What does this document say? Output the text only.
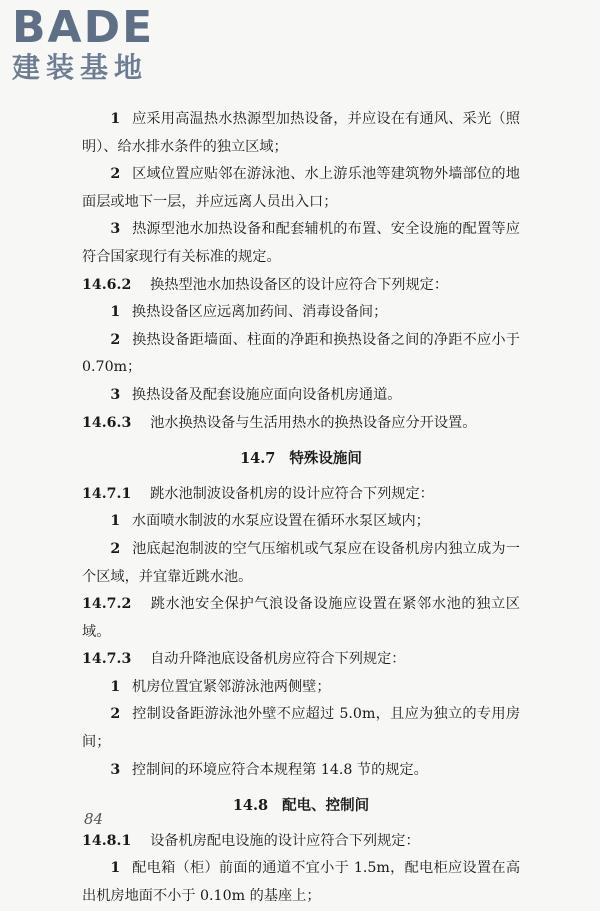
BADE
建装基地
1  应采用高温热水热源型加热设备，并应设在有通风、采光（照明）、给水排水条件的独立区域；
2  区域位置应贴邻在游泳池、水上游乐池等建筑物外墙部位的地面层或地下一层，并应远离人员出入口；
3  热源型池水加热设备和配套辅机的布置、安全设施的配置等应符合国家现行有关标准的规定。
14.6.2  换热型池水加热设备区的设计应符合下列规定：
1  换热设备区应远离加药间、消毒设备间；
2  换热设备距墙面、柱面的净距和换热设备之间的净距不应小于 0.70m；
3  换热设备及配套设施应面向设备机房通道。
14.6.3  池水换热设备与生活用热水的换热设备应分开设置。
14.7 特殊设施间
14.7.1  跳水池制波设备机房的设计应符合下列规定：
1  水面喷水制波的水泵应设置在循环水泵区域内；
2  池底起泡制波的空气压缩机或气泵应在设备机房内独立成为一个区域，并宜靠近跳水池。
14.7.2  跳水池安全保护气浪设备设施应设置在紧邻水池的独立区域。
14.7.3  自动升降池底设备机房应符合下列规定：
1  机房位置宜紧邻游泳池两侧壁；
2  控制设备距游泳池外壁不应超过 5.0m，且应为独立的专用房间；
3  控制间的环境应符合本规程第 14.8 节的规定。
14.8 配电、控制间
14.8.1  设备机房配电设施的设计应符合下列规定：
1  配电箱（柜）前面的通道不宜小于 1.5m，配电柜应设置在高出机房地面不小于 0.10m 的基座上；
84
